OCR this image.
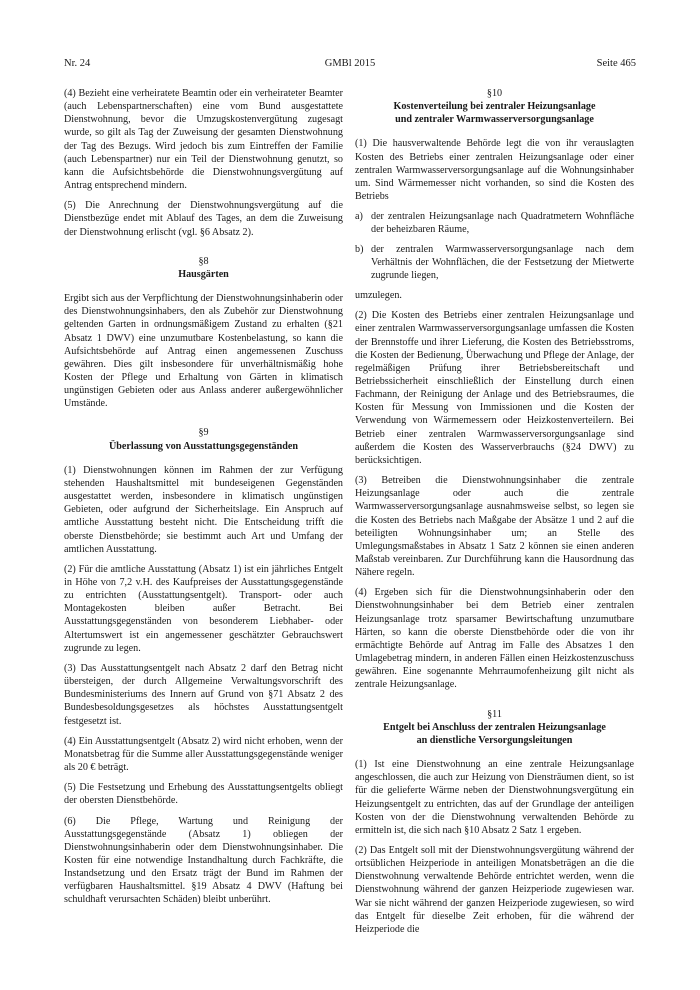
Nr. 24	GMBl 2015	Seite 465

(4) Bezieht eine verheiratete Beamtin oder ein verheirateter Beamter (auch Lebenspartnerschaften) eine vom Bund ausgestattete Dienstwohnung, bevor die Umzugskostenvergütung zugesagt wurde, so gilt als Tag der Zuweisung der gesamten Dienstwohnung der Tag des Bezugs. Wird jedoch bis zum Eintreffen der Familie (auch Lebenspartner) nur ein Teil der Dienstwohnung genutzt, so kann die Aufsichtsbehörde die Dienstwohnungsvergütung auf Antrag entsprechend mindern.

(5) Die Anrechnung der Dienstwohnungsvergütung auf die Dienstbezüge endet mit Ablauf des Tages, an dem die Zuweisung der Dienstwohnung erlischt (vgl. §6 Absatz 2).

§8
Hausgärten

Ergibt sich aus der Verpflichtung der Dienstwohnungsinhaberin oder des Dienstwohnungsinhabers, den als Zubehör zur Dienstwohnung geltenden Garten in ordnungsmäßigem Zustand zu erhalten (§21 Absatz 1 DWV) eine unzumutbare Kostenbelastung, so kann die Aufsichtsbehörde auf Antrag einen angemessenen Zuschuss gewähren. Dies gilt insbesondere für unverhältnismäßig hohe Kosten der Pflege und Erhaltung von Gärten in klimatisch ungünstigen Gebieten oder aus Anlass anderer außergewöhnlicher Umstände.

§9
Überlassung von Ausstattungsgegenständen

(1) Dienstwohnungen können im Rahmen der zur Verfügung stehenden Haushaltsmittel mit bundeseigenen Gegenständen ausgestattet werden, insbesondere in klimatisch ungünstigen Gebieten, oder aufgrund der Sicherheitslage. Ein Anspruch auf amtliche Ausstattung besteht nicht. Die Entscheidung trifft die oberste Dienstbehörde; sie bestimmt auch Art und Umfang der amtlichen Ausstattung.

(2) Für die amtliche Ausstattung (Absatz 1) ist ein jährliches Entgelt in Höhe von 7,2 v.H. des Kaufpreises der Ausstattungsgegenstände zu entrichten (Ausstattungsentgelt). Transport- oder auch Montagekosten bleiben außer Betracht. Bei Ausstattungsgegenständen von besonderem Liebhaber- oder Altertumswert ist ein angemessener geschätzter Gebrauchswert zugrunde zu legen.

(3) Das Ausstattungsentgelt nach Absatz 2 darf den Betrag nicht übersteigen, der durch Allgemeine Verwaltungsvorschrift des Bundesministeriums des Innern auf Grund von §71 Absatz 2 des Bundesbesoldungsgesetzes als höchstes Ausstattungsentgelt festgesetzt ist.

(4) Ein Ausstattungsentgelt (Absatz 2) wird nicht erhoben, wenn der Monatsbetrag für die Summe aller Ausstattungsgegenstände weniger als 20 € beträgt.

(5) Die Festsetzung und Erhebung des Ausstattungsentgelts obliegt der obersten Dienstbehörde.

(6) Die Pflege, Wartung und Reinigung der Ausstattungsgegenstände (Absatz 1) obliegen der Dienstwohnungsinhaberin oder dem Dienstwohnungsinhaber. Die Kosten für eine notwendige Instandhaltung durch Fachkräfte, die Instandsetzung und den Ersatz trägt der Bund im Rahmen der verfügbaren Haushaltsmittel. §19 Absatz 4 DWV (Haftung bei schuldhaft verursachten Schäden) bleibt unberührt.

§10
Kostenverteilung bei zentraler Heizungsanlage
und zentraler Warmwasserversorgungsanlage

(1) Die hausverwaltende Behörde legt die von ihr verauslagten Kosten des Betriebs einer zentralen Heizungsanlage oder einer zentralen Warmwasserversorgungsanlage auf die Wohnungsinhaber um. Sind Wärmemesser nicht vorhanden, so sind die Kosten des Betriebs

a) der zentralen Heizungsanlage nach Quadratmetern Wohnfläche der beheizbaren Räume,
b) der zentralen Warmwasserversorgungsanlage nach dem Verhältnis der Wohnflächen, die der Festsetzung der Mietwerte zugrunde liegen,

umzulegen.

(2) Die Kosten des Betriebs einer zentralen Heizungsanlage und einer zentralen Warmwasserversorgungsanlage umfassen die Kosten der Brennstoffe und ihrer Lieferung, die Kosten des Betriebsstroms, die Kosten der Bedienung, Überwachung und Pflege der Anlage, der regelmäßigen Prüfung ihrer Betriebsbereitschaft und Betriebssicherheit einschließlich der Einstellung durch einen Fachmann, der Reinigung der Anlage und des Betriebsraumes, die Kosten für Messung von Immissionen und die Kosten der Verwendung von Wärmemessern oder Heizkostenverteilern. Bei Betrieb einer zentralen Warmwasserversorgungsanlage sind außerdem die Kosten des Wasserverbrauchs (§24 DWV) zu berücksichtigen.

(3) Betreiben die Dienstwohnungsinhaber die zentrale Heizungsanlage oder auch die zentrale Warmwasserversorgungsanlage ausnahmsweise selbst, so legen sie die Kosten des Betriebs nach Maßgabe der Absätze 1 und 2 auf die beteiligten Wohnungsinhaber um; an Stelle des Umlegungsmaßstabes in Absatz 1 Satz 2 können sie einen anderen Maßstab vereinbaren. Zur Durchführung kann die Hausordnung das Nähere regeln.

(4) Ergeben sich für die Dienstwohnungsinhaberin oder den Dienstwohnungsinhaber bei dem Betrieb einer zentralen Heizungsanlage trotz sparsamer Bewirtschaftung unzumutbare Härten, so kann die oberste Dienstbehörde oder die von ihr ermächtigte Behörde auf Antrag im Falle des Absatzes 1 den Umlagebetrag mindern, in anderen Fällen einen Heizkostenzuschuss gewähren. Eine sogenannte Mehrraumofenheizung gilt nicht als zentrale Heizungsanlage.

§11
Entgelt bei Anschluss der zentralen Heizungsanlage
an dienstliche Versorgungsleitungen

(1) Ist eine Dienstwohnung an eine zentrale Heizungsanlage angeschlossen, die auch zur Heizung von Diensträumen dient, so ist für die gelieferte Wärme neben der Dienstwohnungsvergütung ein Heizungsentgelt zu entrichten, das auf der Grundlage der anteiligen Kosten von der die Dienstwohnung verwaltenden Behörde zu ermitteln ist, die sich nach §10 Absatz 2 Satz 1 ergeben.

(2) Das Entgelt soll mit der Dienstwohnungsvergütung während der ortsüblichen Heizperiode in anteiligen Monatsbeträgen an die die Dienstwohnung verwaltende Behörde entrichtet werden, wenn die Dienstwohnung während der ganzen Heizperiode zugewiesen war. War sie nicht während der ganzen Heizperiode zugewiesen, so wird das Entgelt für dieselbe Zeit erhoben, für die während der Heizperiode die
